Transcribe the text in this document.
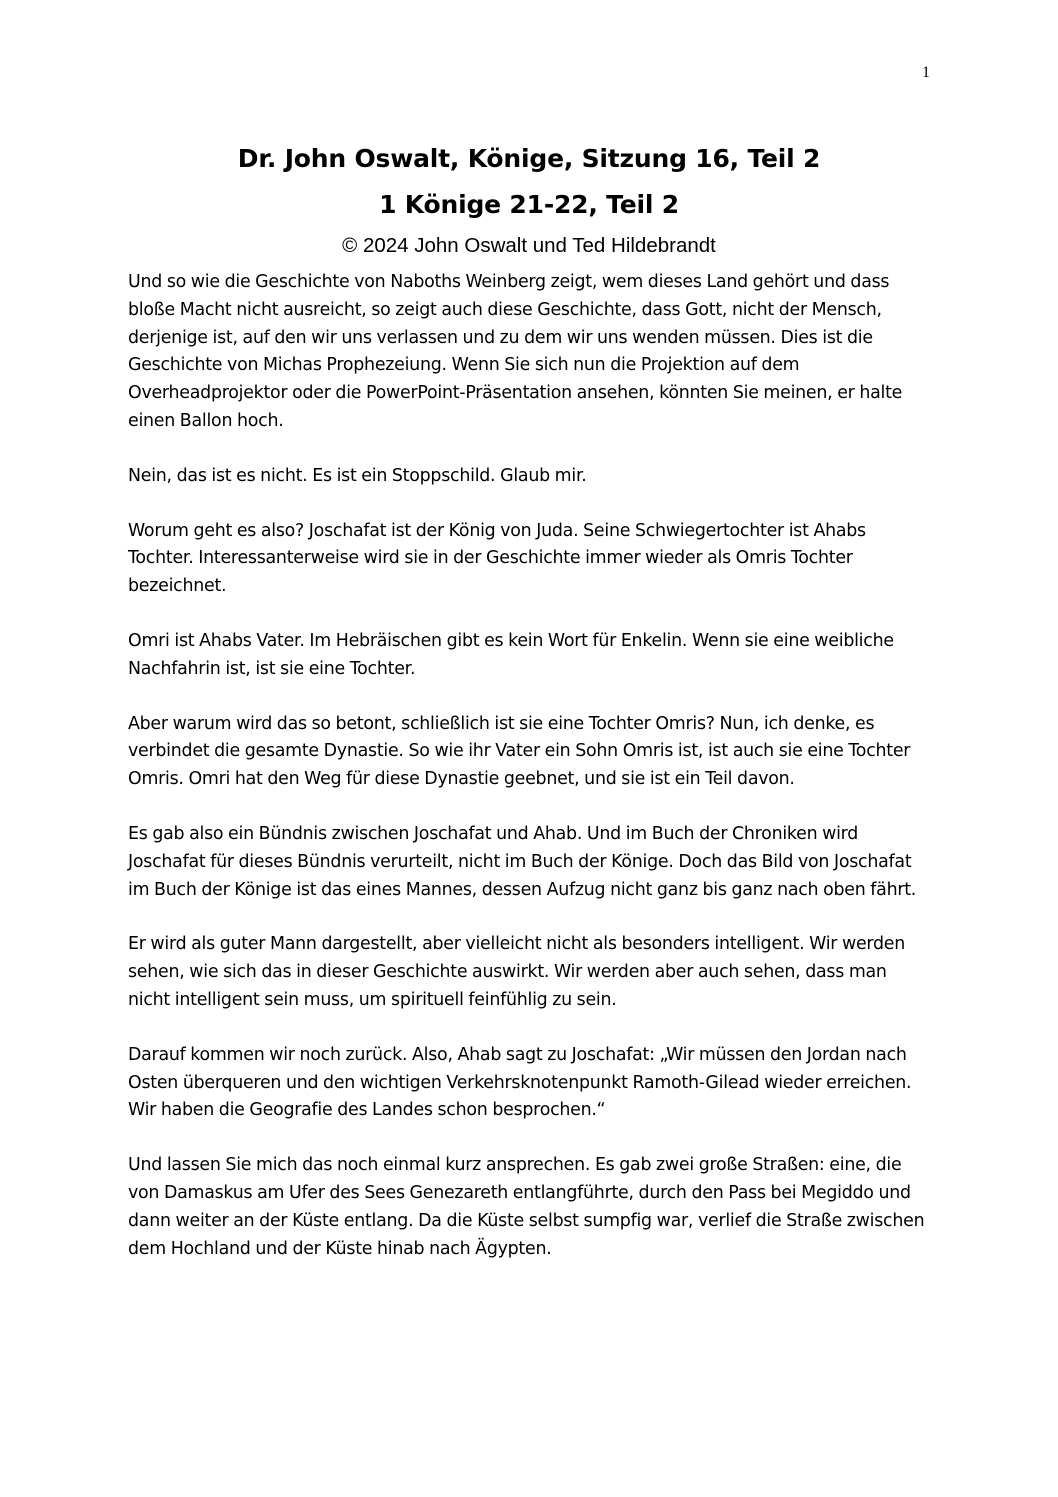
1
Dr. John Oswalt, Könige, Sitzung 16, Teil 2
1 Könige 21-22, Teil 2
© 2024 John Oswalt und Ted Hildebrandt

Und so wie die Geschichte von Naboths Weinberg zeigt, wem dieses Land gehört und dass bloße Macht nicht ausreicht, so zeigt auch diese Geschichte, dass Gott, nicht der Mensch, derjenige ist, auf den wir uns verlassen und zu dem wir uns wenden müssen. Dies ist die Geschichte von Michas Prophezeiung. Wenn Sie sich nun die Projektion auf dem Overheadprojektor oder die PowerPoint-Präsentation ansehen, könnten Sie meinen, er halte einen Ballon hoch.

Nein, das ist es nicht. Es ist ein Stoppschild. Glaub mir.

Worum geht es also? Joschafat ist der König von Juda. Seine Schwiegertochter ist Ahabs Tochter. Interessanterweise wird sie in der Geschichte immer wieder als Omris Tochter bezeichnet.

Omri ist Ahabs Vater. Im Hebräischen gibt es kein Wort für Enkelin. Wenn sie eine weibliche Nachfahrin ist, ist sie eine Tochter.

Aber warum wird das so betont, schließlich ist sie eine Tochter Omris? Nun, ich denke, es verbindet die gesamte Dynastie. So wie ihr Vater ein Sohn Omris ist, ist auch sie eine Tochter Omris. Omri hat den Weg für diese Dynastie geebnet, und sie ist ein Teil davon.

Es gab also ein Bündnis zwischen Joschafat und Ahab. Und im Buch der Chroniken wird Joschafat für dieses Bündnis verurteilt, nicht im Buch der Könige. Doch das Bild von Joschafat im Buch der Könige ist das eines Mannes, dessen Aufzug nicht ganz bis ganz nach oben fährt.

Er wird als guter Mann dargestellt, aber vielleicht nicht als besonders intelligent. Wir werden sehen, wie sich das in dieser Geschichte auswirkt. Wir werden aber auch sehen, dass man nicht intelligent sein muss, um spirituell feinfühlig zu sein.

Darauf kommen wir noch zurück. Also, Ahab sagt zu Joschafat: „Wir müssen den Jordan nach Osten überqueren und den wichtigen Verkehrsknotenpunkt Ramoth-Gilead wieder erreichen. Wir haben die Geografie des Landes schon besprochen.“

Und lassen Sie mich das noch einmal kurz ansprechen. Es gab zwei große Straßen: eine, die von Damaskus am Ufer des Sees Genezareth entlangführte, durch den Pass bei Megiddo und dann weiter an der Küste entlang. Da die Küste selbst sumpfig war, verlief die Straße zwischen dem Hochland und der Küste hinab nach Ägypten.
